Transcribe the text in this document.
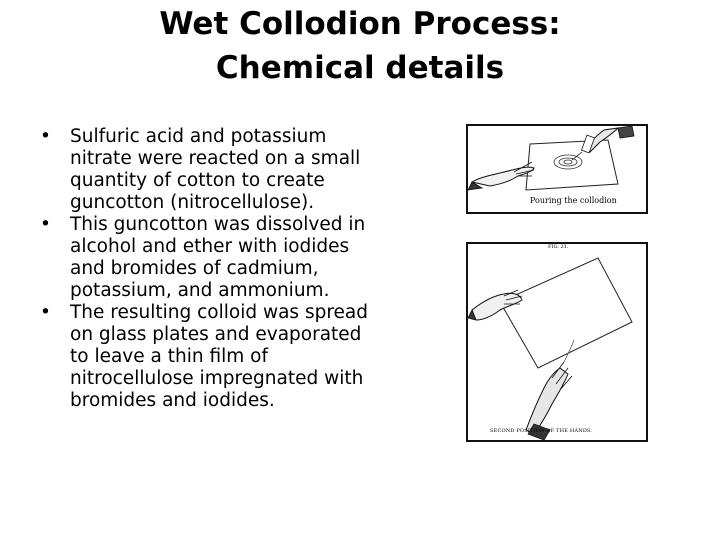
Wet Collodion Process:
Chemical details
• Sulfuric acid and potassium
nitrate were reacted on a small
quantity of cotton to create
guncotton (nitrocellulose).
• This guncotton was dissolved in
alcohol and ether with iodides
and bromides of cadmium,
potassium, and ammonium.
• The resulting colloid was spread
on glass plates and evaporated
to leave a thin film of
nitrocellulose impregnated with
bromides and iodides.
Pouring the collodion
FIG. 21.
SECOND POSITION OF THE HANDS.
